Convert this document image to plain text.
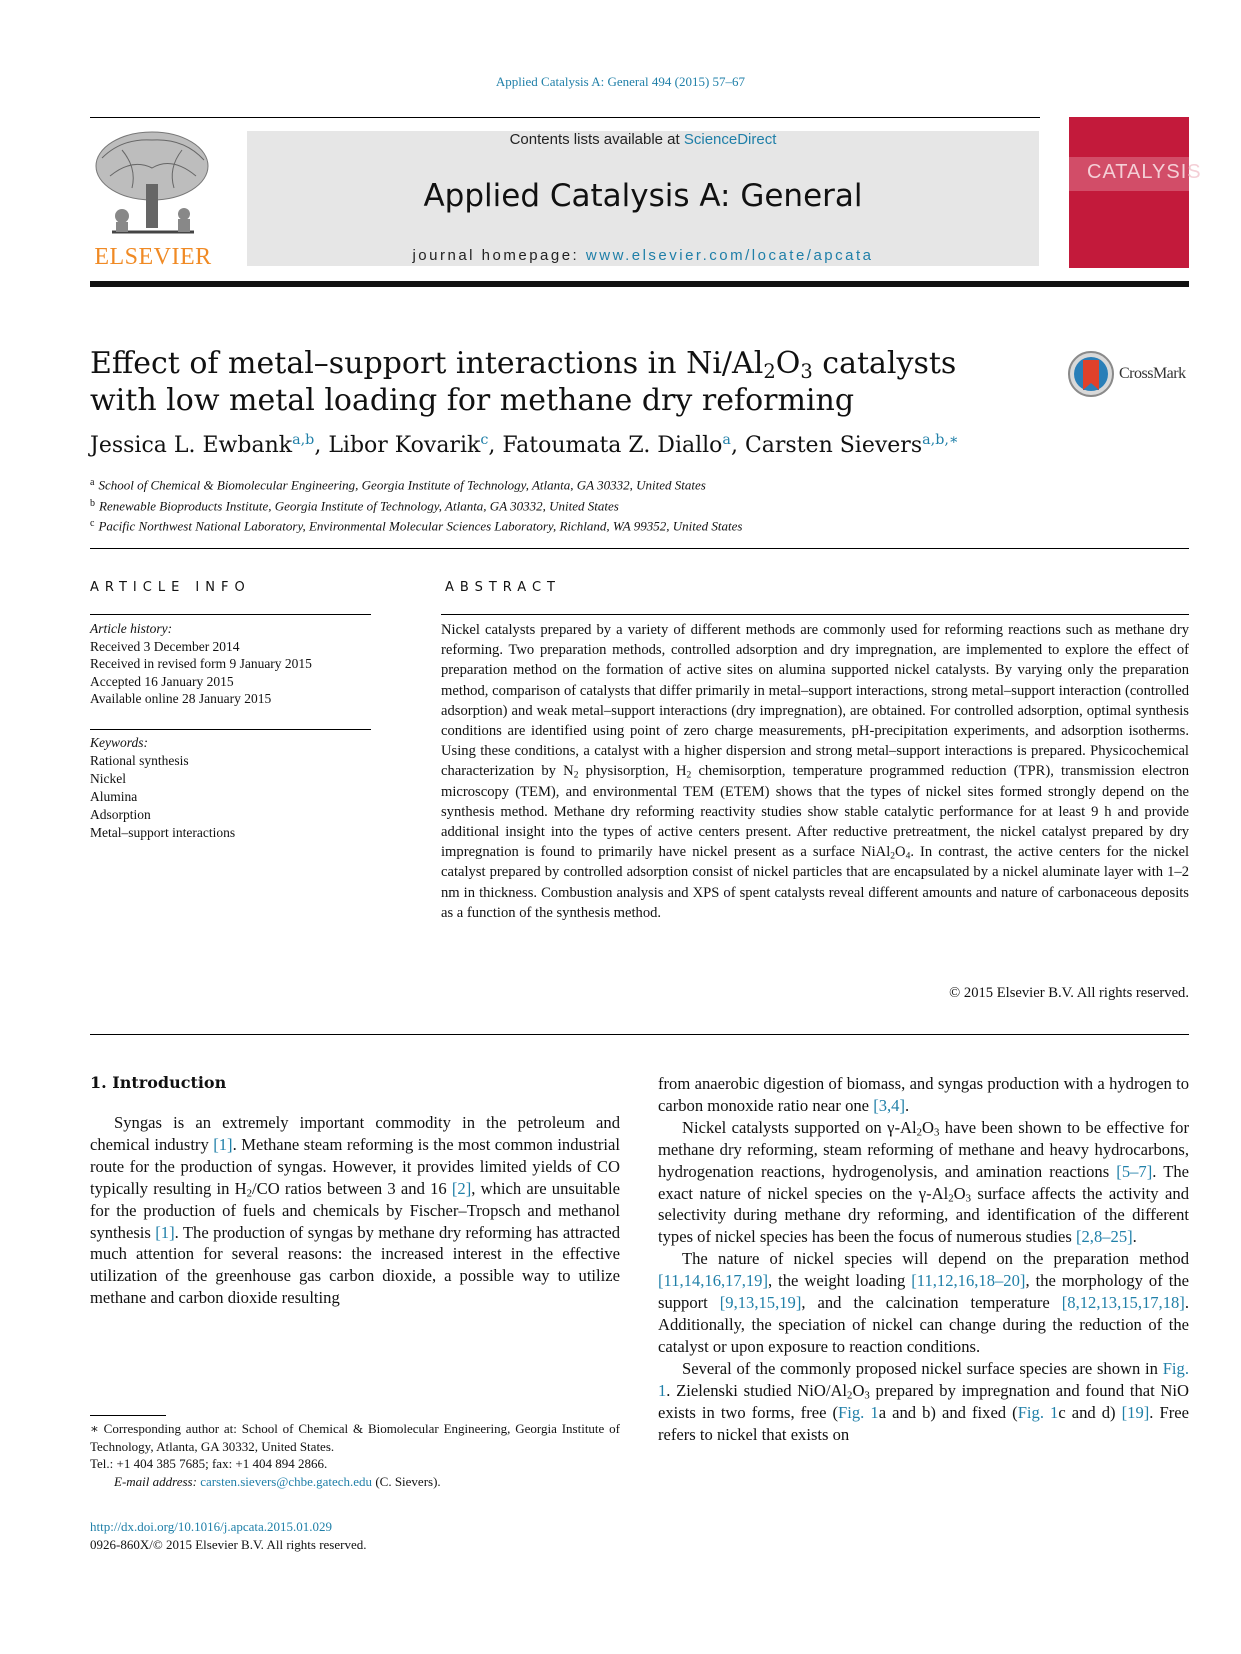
Applied Catalysis A: General 494 (2015) 57–67
ELSEVIER
Contents lists available at ScienceDirect
Applied Catalysis A: General
journal homepage: www.elsevier.com/locate/apcata
CATALYSIS
Effect of metal–support interactions in $Ni/Al_2O_3$ catalysts with low metal loading for methane dry reforming
CrossMark
Jessica L. Ewbank$^{a,b}$, Libor Kovarik$^c$, Fatoumata Z. Diallo$^a$, Carsten Sievers$^{a,b,∗}$
$^a$ School of Chemical & Biomolecular Engineering, Georgia Institute of Technology, Atlanta, GA 30332, United States
$^b$ Renewable Bioproducts Institute, Georgia Institute of Technology, Atlanta, GA 30332, United States
$^c$ Pacific Northwest National Laboratory, Environmental Molecular Sciences Laboratory, Richland, WA 99352, United States
ARTICLE INFO	ABSTRACT
Article history:
Received 3 December 2014
Received in revised form 9 January 2015
Accepted 16 January 2015
Available online 28 January 2015
Keywords:
Rational synthesis
Nickel
Alumina
Adsorption
Metal–support interactions
Nickel catalysts prepared by a variety of different methods are commonly used for reforming reactions such as methane dry reforming. Two preparation methods, controlled adsorption and dry impregnation, are implemented to explore the effect of preparation method on the formation of active sites on alumina supported nickel catalysts. By varying only the preparation method, comparison of catalysts that differ primarily in metal–support interactions, strong metal–support interaction (controlled adsorption) and weak metal–support interactions (dry impregnation), are obtained. For controlled adsorption, optimal synthesis conditions are identified using point of zero charge measurements, pH-precipitation experiments, and adsorption isotherms. Using these conditions, a catalyst with a higher dispersion and strong metal–support interactions is prepared. Physicochemical characterization by $N_2$ physisorption, $H_2$ chemisorption, temperature programmed reduction (TPR), transmission electron microscopy (TEM), and environmental TEM (ETEM) shows that the types of nickel sites formed strongly depend on the synthesis method. Methane dry reforming reactivity studies show stable catalytic performance for at least 9 h and provide additional insight into the types of active centers present. After reductive pretreatment, the nickel catalyst prepared by dry impregnation is found to primarily have nickel present as a surface $NiAl_2O_4$. In contrast, the active centers for the nickel catalyst prepared by controlled adsorption consist of nickel particles that are encapsulated by a nickel aluminate layer with 1–2 nm in thickness. Combustion analysis and XPS of spent catalysts reveal different amounts and nature of carbonaceous deposits as a function of the synthesis method.
© 2015 Elsevier B.V. All rights reserved.
1. Introduction

Syngas is an extremely important commodity in the petroleum and chemical industry [1]. Methane steam reforming is the most common industrial route for the production of syngas. However, it provides limited yields of CO typically resulting in $H_2/CO$ ratios between 3 and 16 [2], which are unsuitable for the production of fuels and chemicals by Fischer–Tropsch and methanol synthesis [1]. The production of syngas by methane dry reforming has attracted much attention for several reasons: the increased interest in the effective utilization of the greenhouse gas carbon dioxide, a possible way to utilize methane and carbon dioxide resulting

from anaerobic digestion of biomass, and syngas production with a hydrogen to carbon monoxide ratio near one [3,4].

Nickel catalysts supported on $\gamma-Al_2O_3$ have been shown to be effective for methane dry reforming, steam reforming of methane and heavy hydrocarbons, hydrogenation reactions, hydrogenolysis, and amination reactions [5–7]. The exact nature of nickel species on the $\gamma-Al_2O_3$ surface affects the activity and selectivity during methane dry reforming, and identification of the different types of nickel species has been the focus of numerous studies [2,8–25].

The nature of nickel species will depend on the preparation method [11,14,16,17,19], the weight loading [11,12,16,18–20], the morphology of the support [9,13,15,19], and the calcination temperature [8,12,13,15,17,18]. Additionally, the speciation of nickel can change during the reduction of the catalyst or upon exposure to reaction conditions.

Several of the commonly proposed nickel surface species are shown in Fig. 1. Zielenski studied NiO/$Al_2O_3$ prepared by impregnation and found that NiO exists in two forms, free (Fig. 1a and b) and fixed (Fig. 1c and d) [19]. Free refers to nickel that exists on

∗ Corresponding author at: School of Chemical & Biomolecular Engineering, Georgia Institute of Technology, Atlanta, GA 30332, United States.
Tel.: +1 404 385 7685; fax: +1 404 894 2866.
E-mail address: carsten.sievers@chbe.gatech.edu (C. Sievers).
http://dx.doi.org/10.1016/j.apcata.2015.01.029
0926-860X/© 2015 Elsevier B.V. All rights reserved.
